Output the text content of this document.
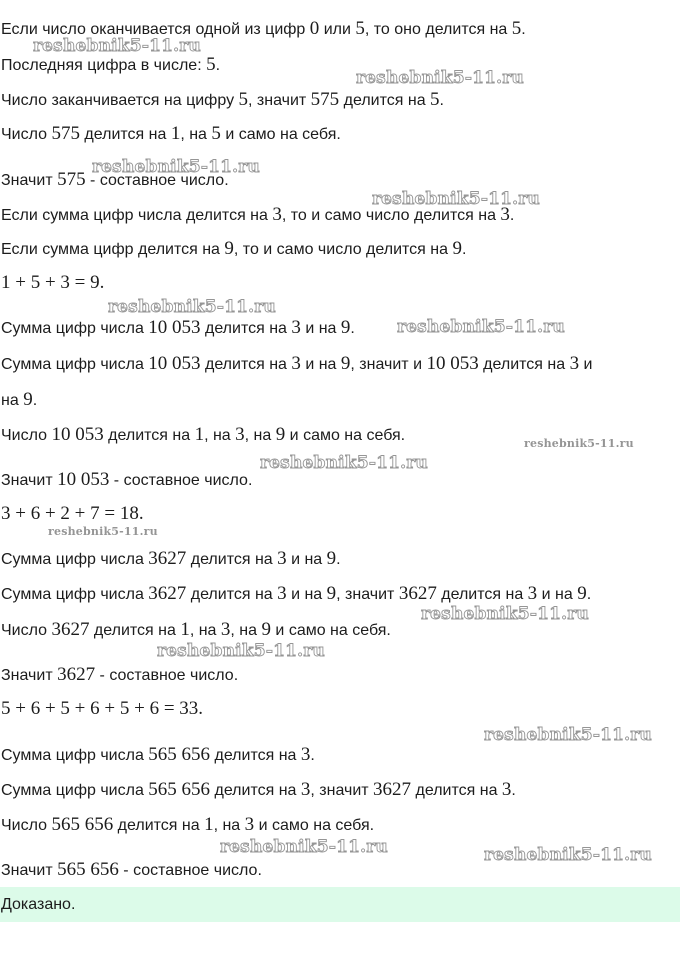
Если число оканчивается одной из цифр 0 или 5, то оно делится на 5.
Последняя цифра в числе: 5.
Число заканчивается на цифру 5, значит 575 делится на 5.
Число 575 делится на 1, на 5 и само на себя.
Значит 575 - составное число.
Если сумма цифр числа делится на 3, то и само число делится на 3.
Если сумма цифр делится на 9, то и само число делится на 9.
1 + 5 + 3 = 9.
Сумма цифр числа 10 053 делится на 3 и на 9.
Сумма цифр числа 10 053 делится на 3 и на 9, значит и 10 053 делится на 3 и
на 9.
Число 10 053 делится на 1, на 3, на 9 и само на себя.
Значит 10 053 - составное число.
3 + 6 + 2 + 7 = 18.
Сумма цифр числа 3627 делится на 3 и на 9.
Сумма цифр числа 3627 делится на 3 и на 9, значит 3627 делится на 3 и на 9.
Число 3627 делится на 1, на 3, на 9 и само на себя.
Значит 3627 - составное число.
5 + 6 + 5 + 6 + 5 + 6 = 33.
Сумма цифр числа 565 656 делится на 3.
Сумма цифр числа 565 656 делится на 3, значит 3627 делится на 3.
Число 565 656 делится на 1, на 3 и само на себя.
Значит 565 656 - составное число.
Доказано.
reshebnik5-11.ru
reshebnik5-11.ru
reshebnik5-11.ru
reshebnik5-11.ru
reshebnik5-11.ru
reshebnik5-11.ru
reshebnik5-11.ru
reshebnik5-11.ru
reshebnik5-11.ru
reshebnik5-11.ru
reshebnik5-11.ru
reshebnik5-11.ru
reshebnik5-11.ru	reshebnik5-11.ru
